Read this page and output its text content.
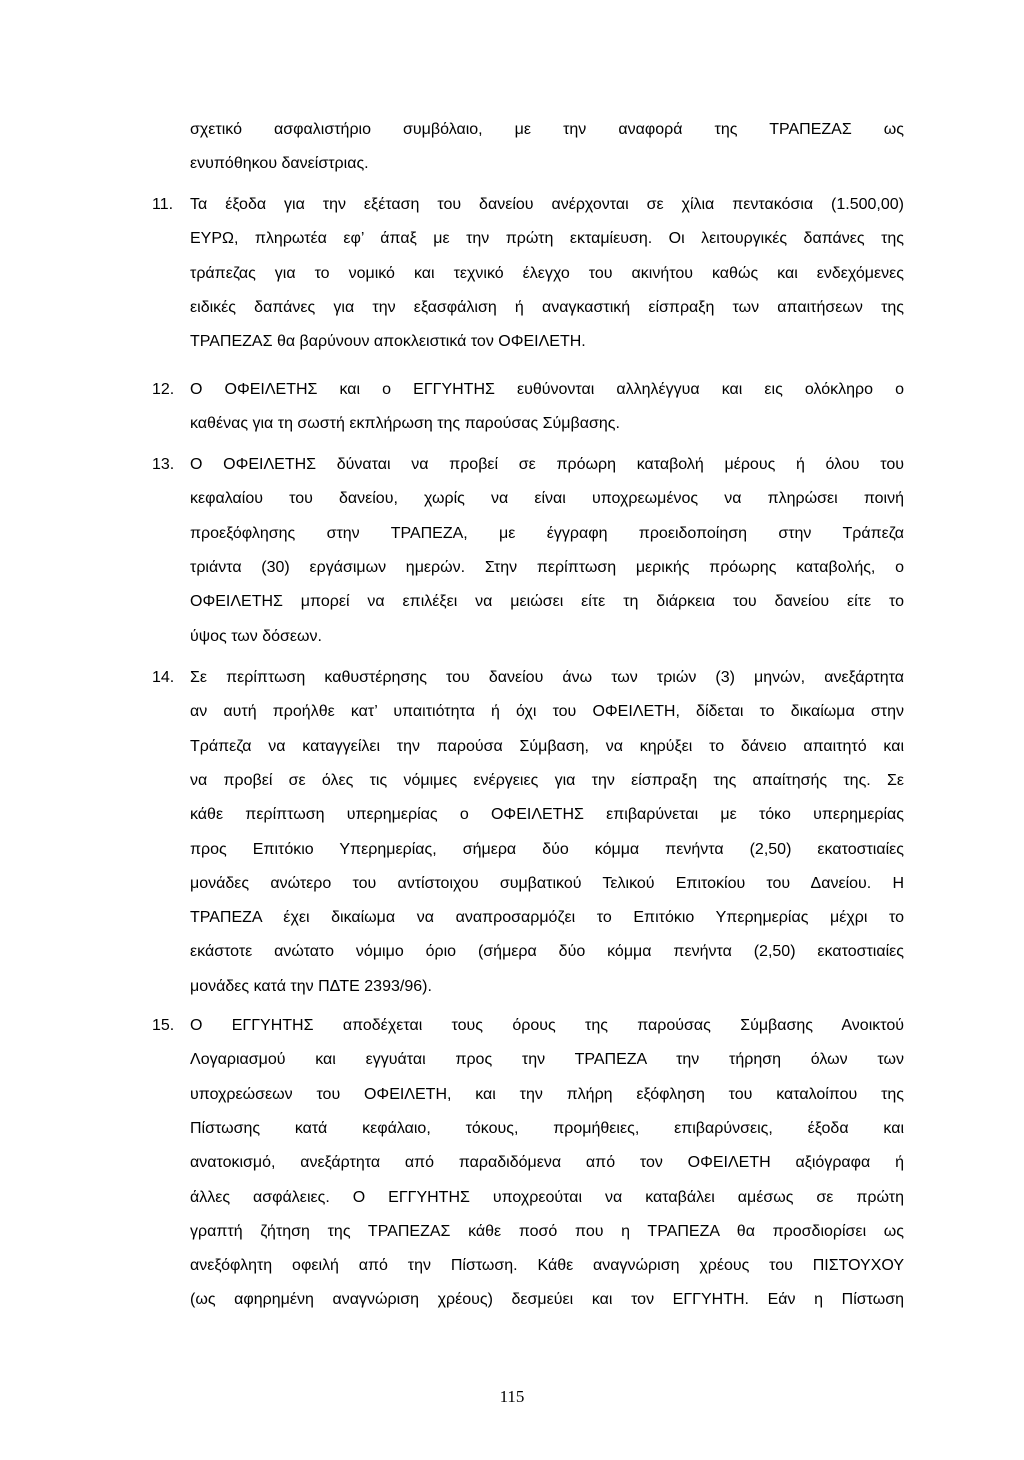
σχετικό ασφαλιστήριο συμβόλαιο, με την αναφορά της ΤΡΑΠΕΖΑΣ ως
ενυπόθηκου δανείστριας.
11. Τα έξοδα για την εξέταση του δανείου ανέρχονται σε χίλια πεντακόσια (1.500,00)
ΕΥΡΩ, πληρωτέα εφ’ άπαξ με την πρώτη εκταμίευση. Οι λειτουργικές δαπάνες της
τράπεζας για το νομικό και τεχνικό έλεγχο του ακινήτου καθώς και ενδεχόμενες
ειδικές δαπάνες για την εξασφάλιση ή αναγκαστική είσπραξη των απαιτήσεων της
ΤΡΑΠΕΖΑΣ θα βαρύνουν αποκλειστικά τον ΟΦΕΙΛΕΤΗ.
12. Ο ΟΦΕΙΛΕΤΗΣ και ο ΕΓΓΥΗΤΗΣ ευθύνονται αλληλέγγυα και εις ολόκληρο ο
καθένας για τη σωστή εκπλήρωση της παρούσας Σύμβασης.
13. Ο ΟΦΕΙΛΕΤΗΣ δύναται να προβεί σε πρόωρη καταβολή μέρους ή όλου του
κεφαλαίου του δανείου, χωρίς να είναι υποχρεωμένος να πληρώσει ποινή
προεξόφλησης στην ΤΡΑΠΕΖΑ, με έγγραφη προειδοποίηση στην Τράπεζα
τριάντα (30) εργάσιμων ημερών. Στην περίπτωση μερικής πρόωρης καταβολής, ο
ΟΦΕΙΛΕΤΗΣ μπορεί να επιλέξει να μειώσει είτε τη διάρκεια του δανείου είτε το
ύψος των δόσεων.
14. Σε περίπτωση καθυστέρησης του δανείου άνω των τριών (3) μηνών, ανεξάρτητα
αν αυτή προήλθε κατ’ υπαιτιότητα ή όχι του ΟΦΕΙΛΕΤΗ, δίδεται το δικαίωμα στην
Τράπεζα να καταγγείλει την παρούσα Σύμβαση, να κηρύξει το δάνειο απαιτητό και
να προβεί σε όλες τις νόμιμες ενέργειες για την είσπραξη της απαίτησής της. Σε
κάθε περίπτωση υπερημερίας ο ΟΦΕΙΛΕΤΗΣ επιβαρύνεται με τόκο υπερημερίας
προς Επιτόκιο Υπερημερίας, σήμερα δύο κόμμα πενήντα (2,50) εκατοστιαίες
μονάδες ανώτερο του αντίστοιχου συμβατικού Τελικού Επιτοκίου του Δανείου. Η
ΤΡΑΠΕΖΑ έχει δικαίωμα να αναπροσαρμόζει το Επιτόκιο Υπερημερίας μέχρι το
εκάστοτε ανώτατο νόμιμο όριο (σήμερα δύο κόμμα πενήντα (2,50) εκατοστιαίες
μονάδες κατά την ΠΔΤΕ 2393/96).
15. Ο ΕΓΓΥΗΤΗΣ αποδέχεται τους όρους της παρούσας Σύμβασης Ανοικτού
Λογαριασμού και εγγυάται προς την ΤΡΑΠΕΖΑ την τήρηση όλων των
υποχρεώσεων του ΟΦΕΙΛΕΤΗ, και την πλήρη εξόφληση του καταλοίπου της
Πίστωσης κατά κεφάλαιο, τόκους, προμήθειες, επιβαρύνσεις, έξοδα και
ανατοκισμό, ανεξάρτητα από παραδιδόμενα από τον ΟΦΕΙΛΕΤΗ αξιόγραφα ή
άλλες ασφάλειες. Ο ΕΓΓΥΗΤΗΣ υποχρεούται να καταβάλει αμέσως σε πρώτη
γραπτή ζήτηση της ΤΡΑΠΕΖΑΣ κάθε ποσό που η ΤΡΑΠΕΖΑ θα προσδιορίσει ως
ανεξόφλητη οφειλή από την Πίστωση. Κάθε αναγνώριση χρέους του ΠΙΣΤΟΥΧΟΥ
(ως αφηρημένη αναγνώριση χρέους) δεσμεύει και τον ΕΓΓΥΗΤΗ. Εάν η Πίστωση
115
